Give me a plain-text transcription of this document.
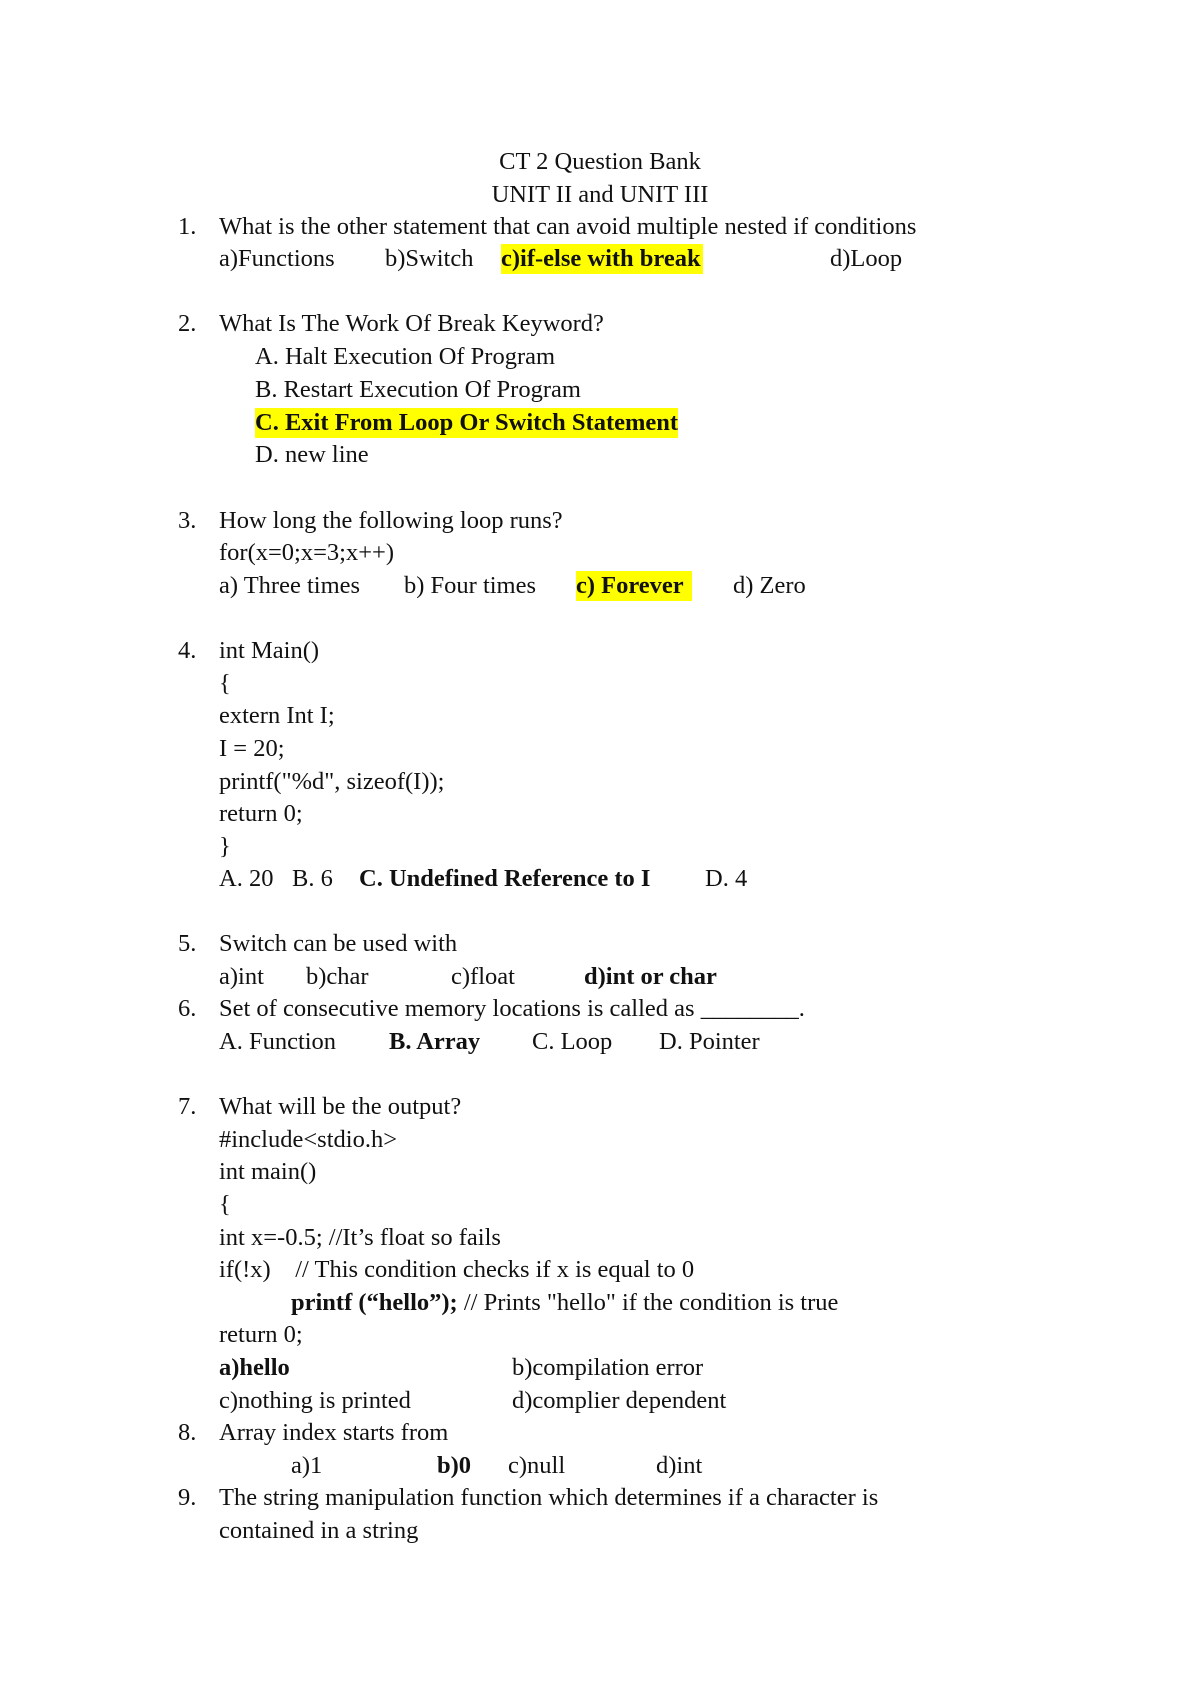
CT 2 Question Bank
UNIT II and UNIT III
1. What is the other statement that can avoid multiple nested if conditions
a)Functions b)Switch c)if-else with break	d)Loop
2. What Is The Work Of Break Keyword?
A. Halt Execution Of Program
B. Restart Execution Of Program
C. Exit From Loop Or Switch Statement
D. new line
3. How long the following loop runs?
for(x=0;x=3;x++)
a) Three times b) Four times c) Forever	d) Zero
4. int Main()
{
extern Int I;
I = 20;
printf("%d", sizeof(I));
return 0;
}
A. 20 B. 6 C. Undefined Reference to I D. 4
5. Switch can be used with
a)int b)char	c)float	d)int or char
6. Set of consecutive memory locations is called as ________.
A. Function B. Array C. Loop D. Pointer
7. What will be the output?
#include<stdio.h>
int main()
{
int x=-0.5; //It’s float so fails
if(!x)    // This condition checks if x is equal to 0
printf (“hello”); // Prints "hello" if the condition is true
return 0;
a)hello	b)compilation error
c)nothing is printed	d)complier dependent
8. Array index starts from
a)1	b)0 c)null	d)int
9. The string manipulation function which determines if a character is
contained in a string
